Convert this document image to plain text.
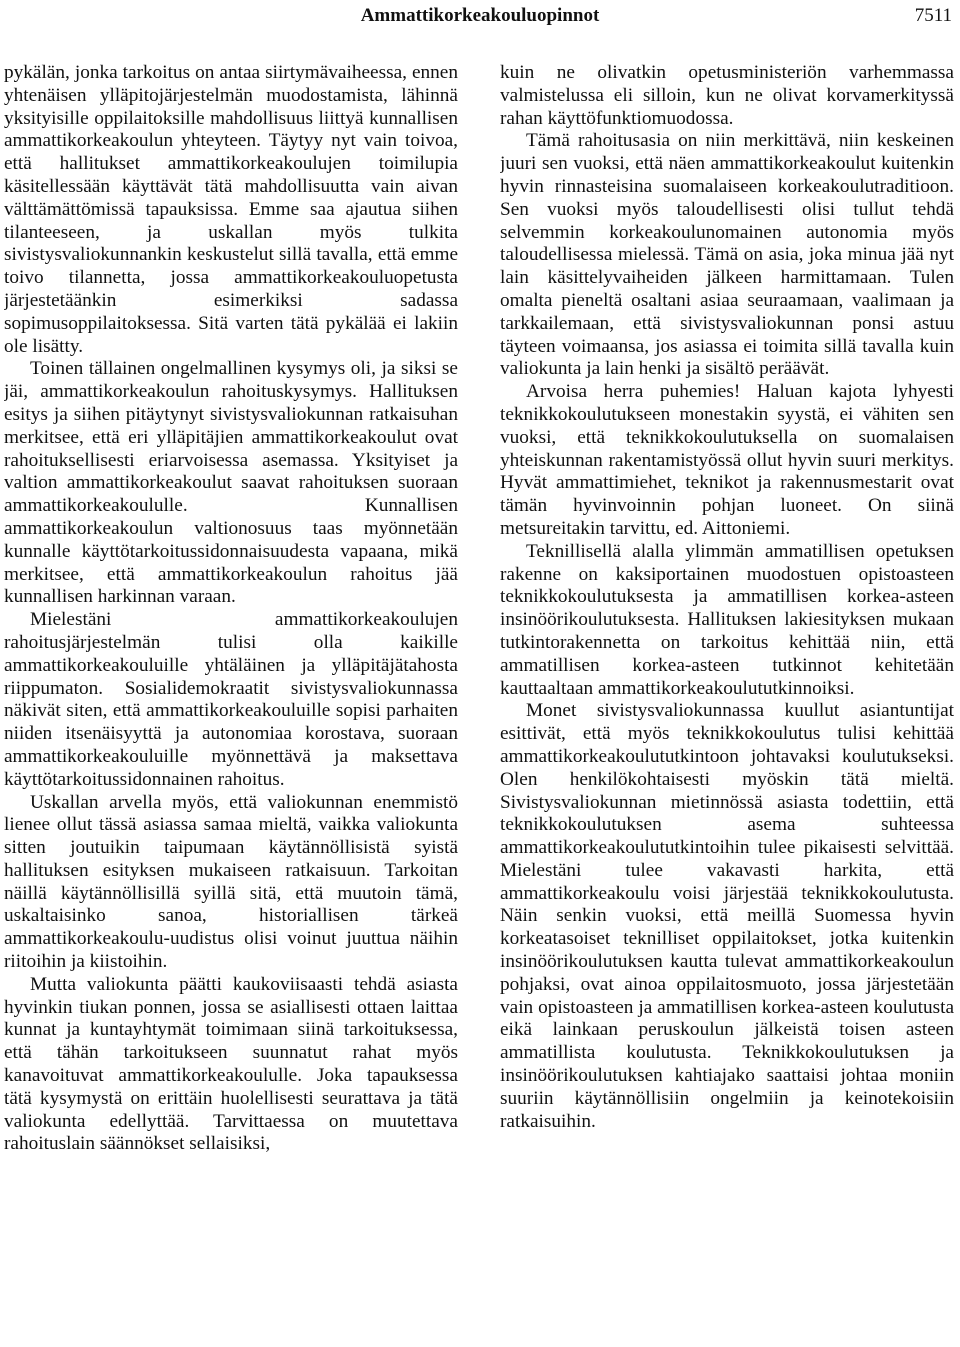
Ammattikorkeakouluopinnot	7511

pykälän, jonka tarkoitus on antaa siirtymävaiheessa, ennen yhtenäisen ylläpitojärjestelmän muodostamista, lähinnä yksityisille oppilaitoksille mahdollisuus liittyä kunnallisen ammattikorkeakoulun yhteyteen. Täytyy nyt vain toivoa, että hallitukset ammattikorkeakoulujen toimilupia käsitellessään käyttävät tätä mahdollisuutta vain aivan välttämättömissä tapauksissa. Emme saa ajautua siihen tilanteeseen, ja uskallan myös tulkita sivistysvaliokunnankin keskustelut sillä tavalla, että emme toivo tilannetta, jossa ammattikorkeakouluopetusta järjestetäänkin esimerkiksi sadassa sopimusoppilaitoksessa. Sitä varten tätä pykälää ei lakiin ole lisätty.

Toinen tällainen ongelmallinen kysymys oli, ja siksi se jäi, ammattikorkeakoulun rahoituskysymys. Hallituksen esitys ja siihen pitäytynyt sivistysvaliokunnan ratkaisuhan merkitsee, että eri ylläpitäjien ammattikorkeakoulut ovat rahoituksellisesti eriarvoisessa asemassa. Yksityiset ja valtion ammattikorkeakoulut saavat rahoituksen suoraan ammattikorkeakoululle. Kunnallisen ammattikorkeakoulun valtionosuus taas myönnetään kunnalle käyttötarkoitussidonnaisuudesta vapaana, mikä merkitsee, että ammattikorkeakoulun rahoitus jää kunnallisen harkinnan varaan.

Mielestäni ammattikorkeakoulujen rahoitusjärjestelmän tulisi olla kaikille ammattikorkeakouluille yhtäläinen ja ylläpitäjätahosta riippumaton. Sosialidemokraatit sivistysvaliokunnassa näkivät siten, että ammattikorkeakouluille sopisi parhaiten niiden itsenäisyyttä ja autonomiaa korostava, suoraan ammattikorkeakouluille myönnettävä ja maksettava käyttötarkoitussidonnainen rahoitus.

Uskallan arvella myös, että valiokunnan enemmistö lienee ollut tässä asiassa samaa mieltä, vaikka valiokunta sitten joutuikin taipumaan käytännöllisistä syistä hallituksen esityksen mukaiseen ratkaisuun. Tarkoitan näillä käytännöllisillä syillä sitä, että muutoin tämä, uskaltaisinko sanoa, historiallisen tärkeä ammattikorkeakoulu-uudistus olisi voinut juuttua näihin riitoihin ja kiistoihin.

Mutta valiokunta päätti kaukoviisaasti tehdä asiasta hyvinkin tiukan ponnen, jossa se asiallisesti ottaen laittaa kunnat ja kuntayhtymät toimimaan siinä tarkoituksessa, että tähän tarkoitukseen suunnatut rahat myös kanavoituvat ammattikorkeakoululle. Joka tapauksessa tätä kysymystä on erittäin huolellisesti seurattava ja tätä valiokunta edellyttää. Tarvittaessa on muutettava rahoituslain säännökset sellaisiksi,

kuin ne olivatkin opetusministeriön varhemmassa valmistelussa eli silloin, kun ne olivat korvamerkityssä rahan käyttöfunktiomuodossa.

Tämä rahoitusasia on niin merkittävä, niin keskeinen juuri sen vuoksi, että näen ammattikorkeakoulut kuitenkin hyvin rinnasteisina suomalaiseen korkeakoulutraditioon. Sen vuoksi myös taloudellisesti olisi tullut tehdä selvemmin korkeakoulunomainen autonomia myös taloudellisessa mielessä. Tämä on asia, joka minua jää nyt lain käsittelyvaiheiden jälkeen harmittamaan. Tulen omalta pieneltä osaltani asiaa seuraamaan, vaalimaan ja tarkkailemaan, että sivistysvaliokunnan ponsi astuu täyteen voimaansa, jos asiassa ei toimita sillä tavalla kuin valiokunta ja lain henki ja sisältö peräävät.

Arvoisa herra puhemies! Haluan kajota lyhyesti teknikkokoulutukseen monestakin syystä, ei vähiten sen vuoksi, että teknikkokoulutuksella on suomalaisen yhteiskunnan rakentamistyössä ollut hyvin suuri merkitys. Hyvät ammattimiehet, teknikot ja rakennusmestarit ovat tämän hyvinvoinnin pohjan luoneet. On siinä metsureitakin tarvittu, ed. Aittoniemi.

Teknillisellä alalla ylimmän ammatillisen opetuksen rakenne on kaksiportainen muodostuen opistoasteen teknikkokoulutuksesta ja ammatillisen korkea-asteen insinöörikoulutuksesta. Hallituksen lakiesityksen mukaan tutkintorakennetta on tarkoitus kehittää niin, että ammatillisen korkea-asteen tutkinnot kehitetään kauttaaltaan ammattikorkeakoulututkinnoiksi.

Monet sivistysvaliokunnassa kuullut asiantuntijat esittivät, että myös teknikkokoulutus tulisi kehittää ammattikorkeakoulututkintoon johtavaksi koulutukseksi. Olen henkilökohtaisesti myöskin tätä mieltä. Sivistysvaliokunnan mietinnössä asiasta todettiin, että teknikkokoulutuksen asema suhteessa ammattikorkeakoulututkintoihin tulee pikaisesti selvittää. Mielestäni tulee vakavasti harkita, että ammattikorkeakoulu voisi järjestää teknikkokoulutusta. Näin senkin vuoksi, että meillä Suomessa hyvin korkeatasoiset teknilliset oppilaitokset, jotka kuitenkin insinöörikoulutuksen kautta tulevat ammattikorkeakoulun pohjaksi, ovat ainoa oppilaitosmuoto, jossa järjestetään vain opistoasteen ja ammatillisen korkea-asteen koulutusta eikä lainkaan peruskoulun jälkeistä toisen asteen ammatillista koulutusta. Teknikkokoulutuksen ja insinöörikoulutuksen kahtiajako saattaisi johtaa moniin suuriin käytännöllisiin ongelmiin ja keinotekoisiin ratkaisuihin.
